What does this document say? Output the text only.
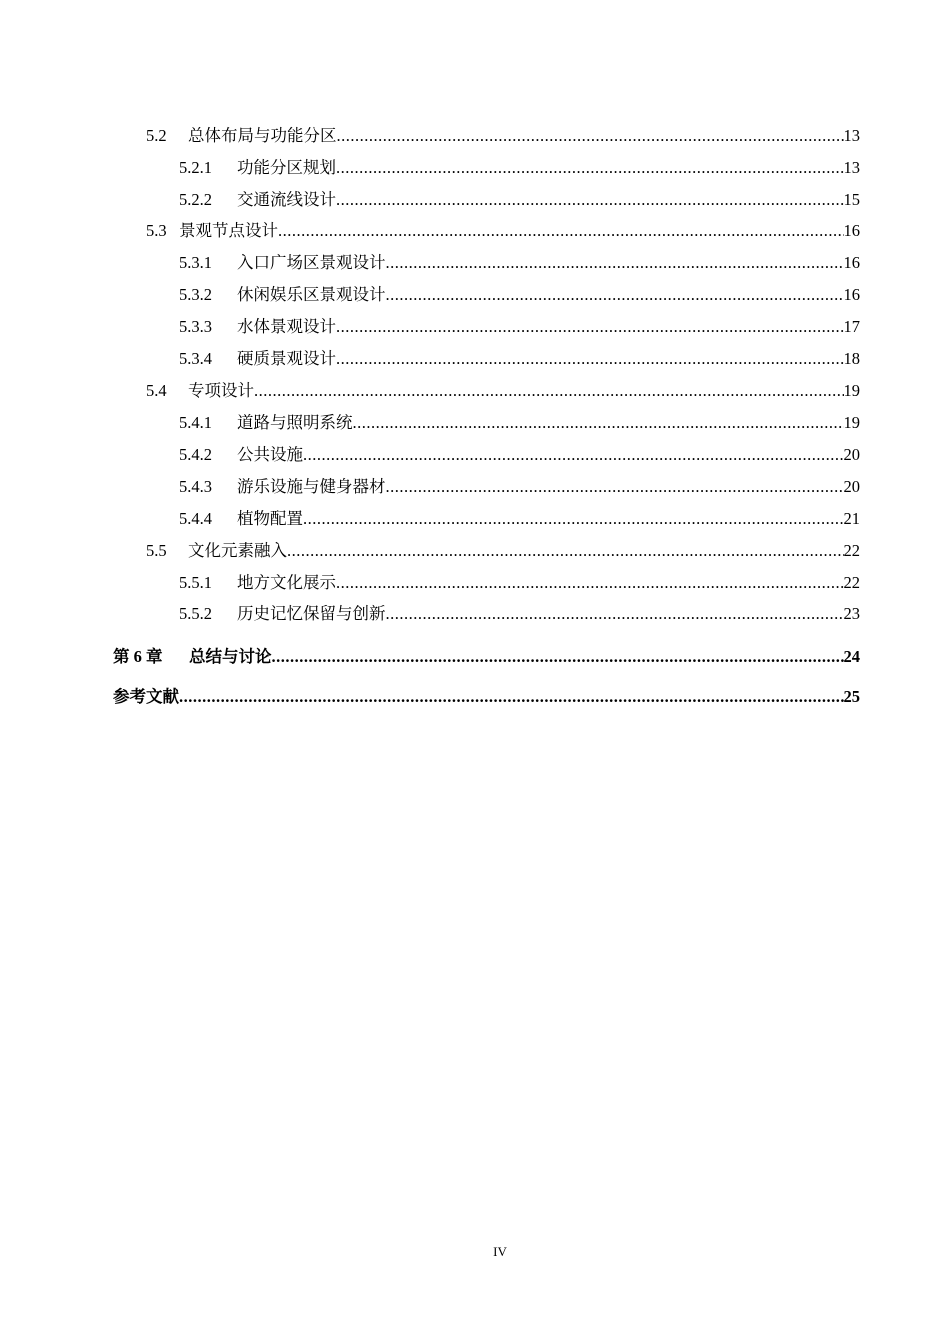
5.2	总体布局与功能分区 .....	13
5.2.1	功能分区规划 .....	13
5.2.2	交通流线设计 .....	15
5.3 景观节点设计 .....	16
5.3.1	入口广场区景观设计 .....	16
5.3.2	休闲娱乐区景观设计 .....	16
5.3.3	水体景观设计 .....	17
5.3.4	硬质景观设计 .....	18
5.4	专项设计 .....	19
5.4.1	道路与照明系统 .....	19
5.4.2	公共设施 .....	20
5.4.3	游乐设施与健身器材 .....	20
5.4.4	植物配置 .....	21
5.5	文化元素融入 .....	22
5.5.1	地方文化展示 .....	22
5.5.2	历史记忆保留与创新 .....	23
第 6 章	总结与讨论 .....	24
参考文献 .....	25
IV
